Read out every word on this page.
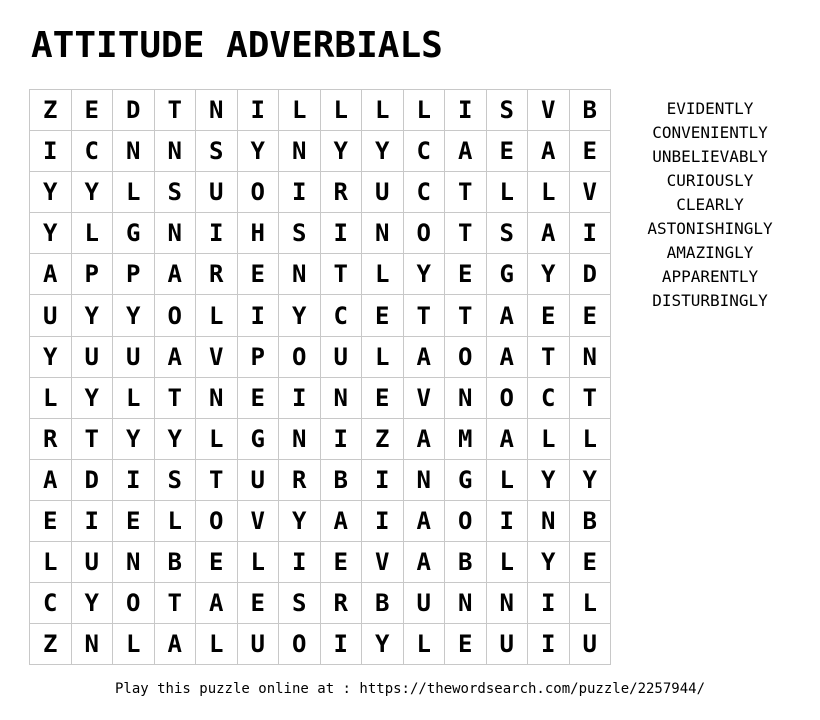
ATTITUDE ADVERBIALS
Z	E	D	T	N	I	L	L	L	L	I	S	V	B
I	C	N	N	S	Y	N	Y	Y	C	A	E	A	E
Y	Y	L	S	U	O	I	R	U	C	T	L	L	V
Y	L	G	N	I	H	S	I	N	O	T	S	A	I
A	P	P	A	R	E	N	T	L	Y	E	G	Y	D
U	Y	Y	O	L	I	Y	C	E	T	T	A	E	E
Y	U	U	A	V	P	O	U	L	A	O	A	T	N
L	Y	L	T	N	E	I	N	E	V	N	O	C	T
R	T	Y	Y	L	G	N	I	Z	A	M	A	L	L
A	D	I	S	T	U	R	B	I	N	G	L	Y	Y
E	I	E	L	O	V	Y	A	I	A	O	I	N	B
L	U	N	B	E	L	I	E	V	A	B	L	Y	E
C	Y	O	T	A	E	S	R	B	U	N	N	I	L
Z	N	L	A	L	U	O	I	Y	L	E	U	I	U
EVIDENTLY
CONVENIENTLY
UNBELIEVABLY
CURIOUSLY
CLEARLY
ASTONISHINGLY
AMAZINGLY
APPARENTLY
DISTURBINGLY
Play this puzzle online at : https://thewordsearch.com/puzzle/2257944/
